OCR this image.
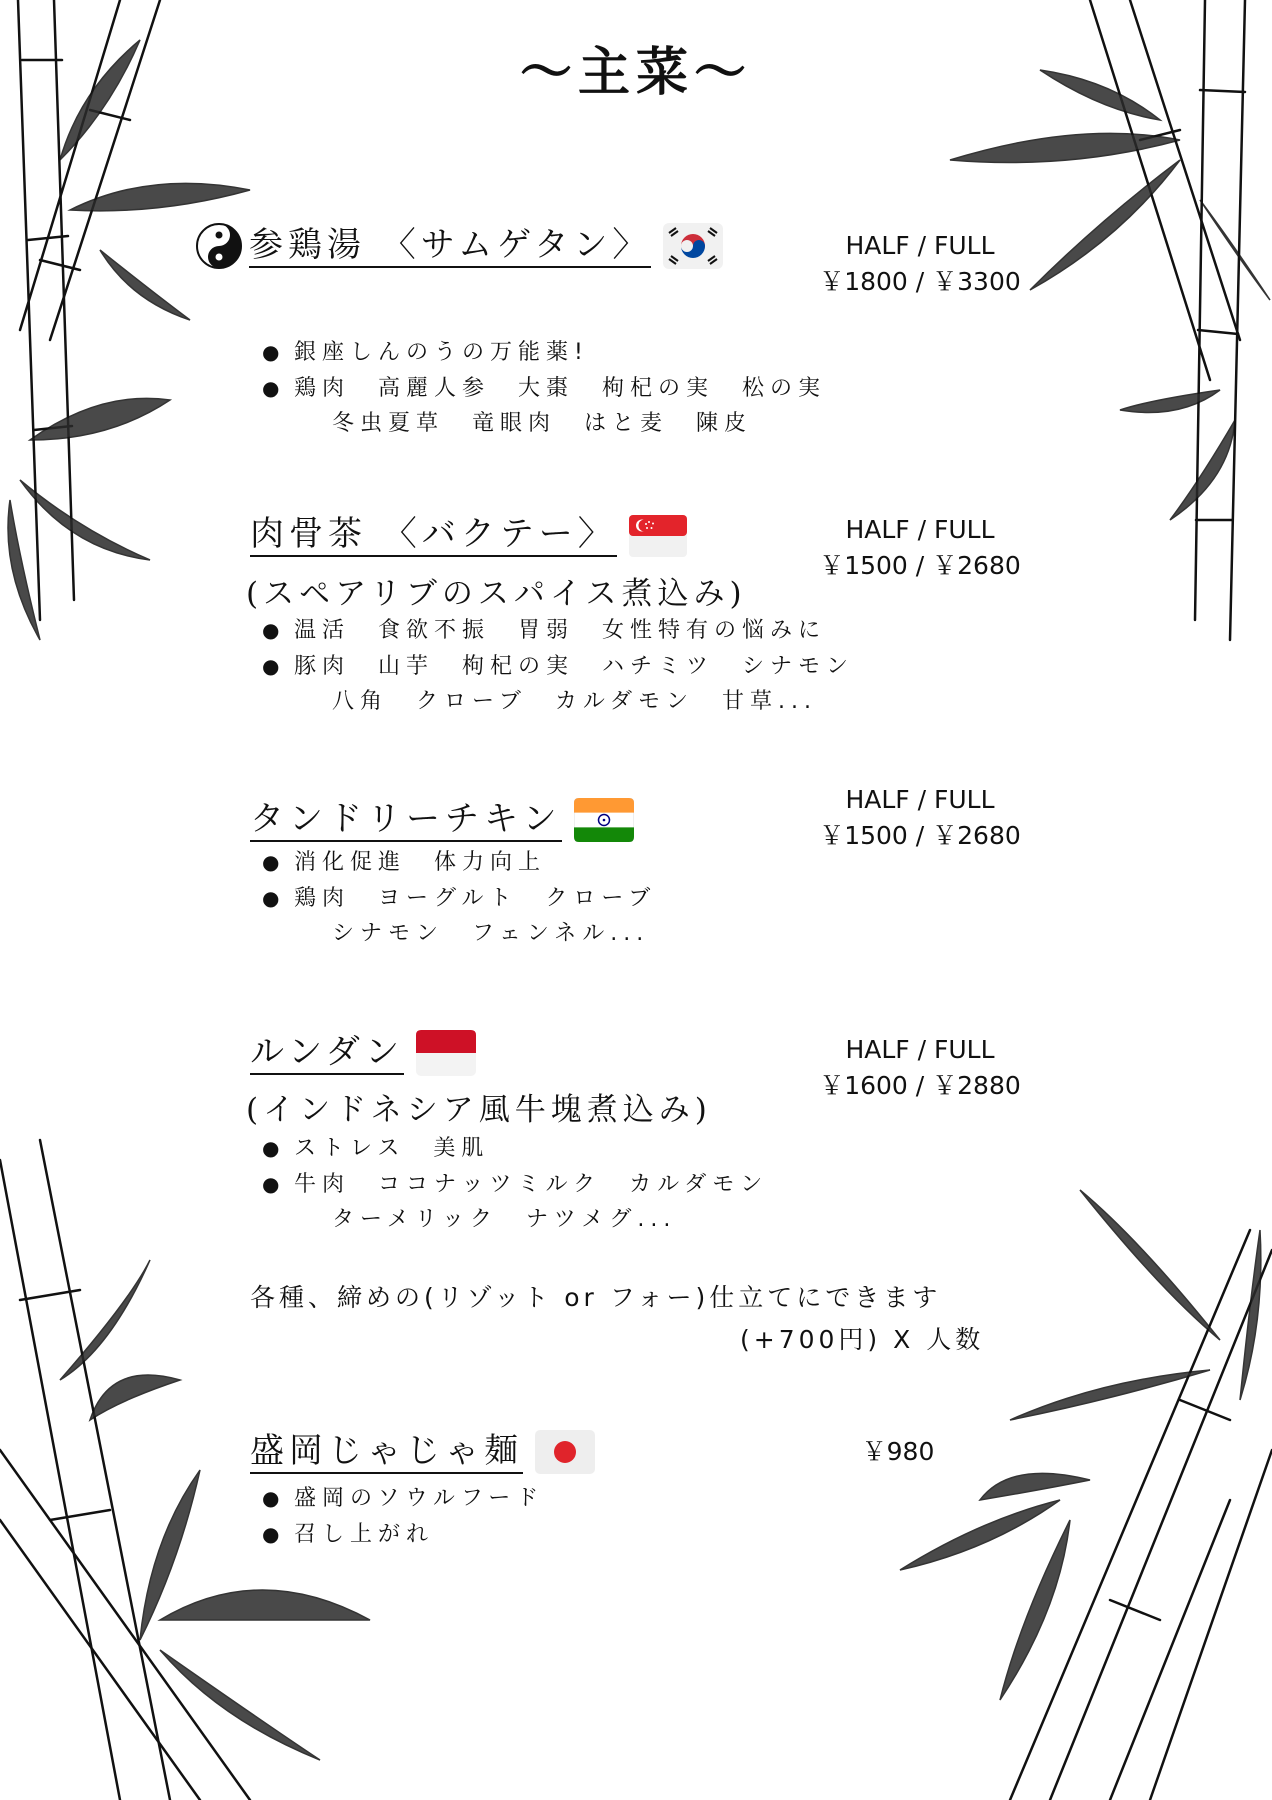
〜主菜〜
参鶏湯 〈サムゲタン〉	HALF / FULL
￥1800 / ￥3300
● 銀座しんのうの万能薬!
● 鶏肉　高麗人参　大棗　枸杞の実　松の実
冬虫夏草　竜眼肉　はと麦　陳皮
肉骨茶 〈バクテー〉
(スペアリブのスパイス煮込み)
HALF / FULL
￥1500 / ￥2680
● 温活　食欲不振　胃弱　女性特有の悩みに
● 豚肉　山芋　枸杞の実　ハチミツ　シナモン
八角　クローブ　カルダモン　甘草...
タンドリーチキン	HALF / FULL
￥1500 / ￥2680
● 消化促進　体力向上
● 鶏肉　ヨーグルト　クローブ
シナモン　フェンネル...
ルンダン
(インドネシア風牛塊煮込み)
HALF / FULL
￥1600 / ￥2880
● ストレス　美肌
● 牛肉　ココナッツミルク　カルダモン
ターメリック　ナツメグ...
各種、締めの(リゾット or フォー)仕立てにできます
(+700円) X 人数
盛岡じゃじゃ麺	￥980
● 盛岡のソウルフード
● 召し上がれ
